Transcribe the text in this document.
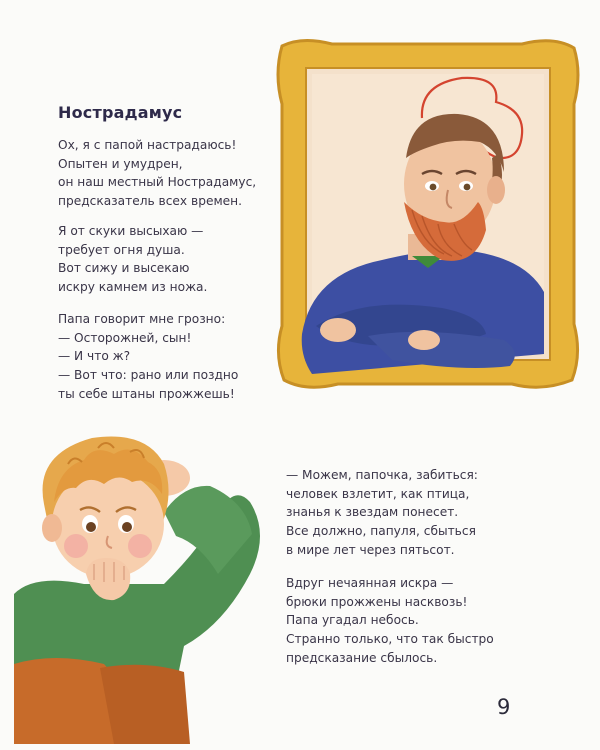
Нострадамус
Ох, я с папой настрадаюсь!
Опытен и умудрен,
он наш местный Нострадамус,
предсказатель всех времен.
Я от скуки высыхаю —
требует огня душа.
Вот сижу и высекаю
искру камнем из ножа.
Папа говорит мне грозно:
— Осторожней, сын!
— И что ж?
— Вот что: рано или поздно
ты себе штаны прожжешь!
— Можем, папочка, забиться:
человек взлетит, как птица,
знанья к звездам понесет.
Все должно, папуля, сбыться
в мире лет через пятьсот.
Вдруг нечаянная искра —
брюки прожжены насквозь!
Папа угадал небось.
Странно только, что так быстро
предсказание сбылось.
9
